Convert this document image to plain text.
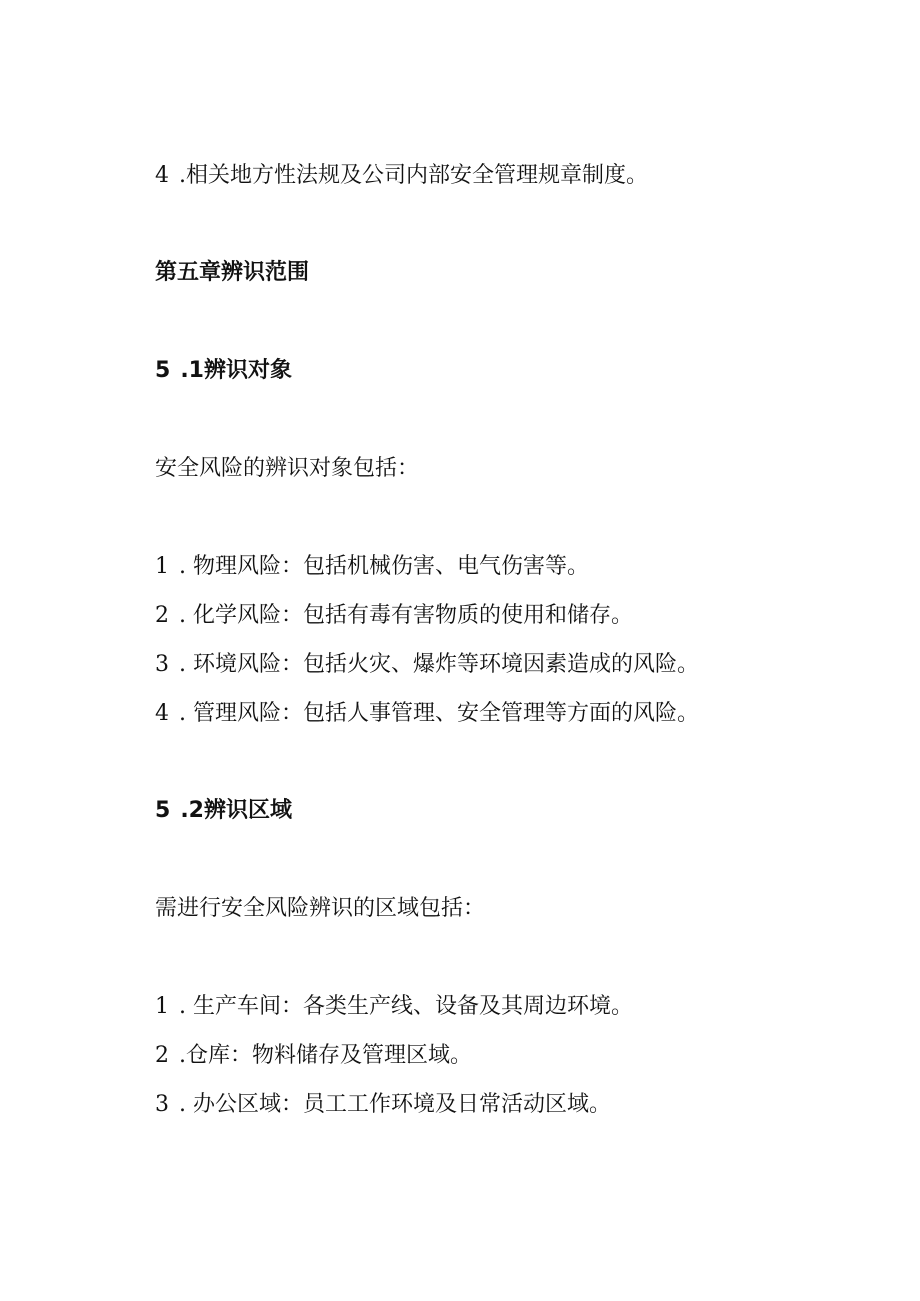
4 .相关地方性法规及公司内部安全管理规章制度。
第五章辨识范围
5 .1辨识对象
安全风险的辨识对象包括：
1 . 物理风险：包括机械伤害、电气伤害等。
2 . 化学风险：包括有毒有害物质的使用和储存。
3 . 环境风险：包括火灾、爆炸等环境因素造成的风险。
4 . 管理风险：包括人事管理、安全管理等方面的风险。
5 .2辨识区域
需进行安全风险辨识的区域包括：
1 . 生产车间：各类生产线、设备及其周边环境。
2 .仓库：物料储存及管理区域。
3 . 办公区域：员工工作环境及日常活动区域。
